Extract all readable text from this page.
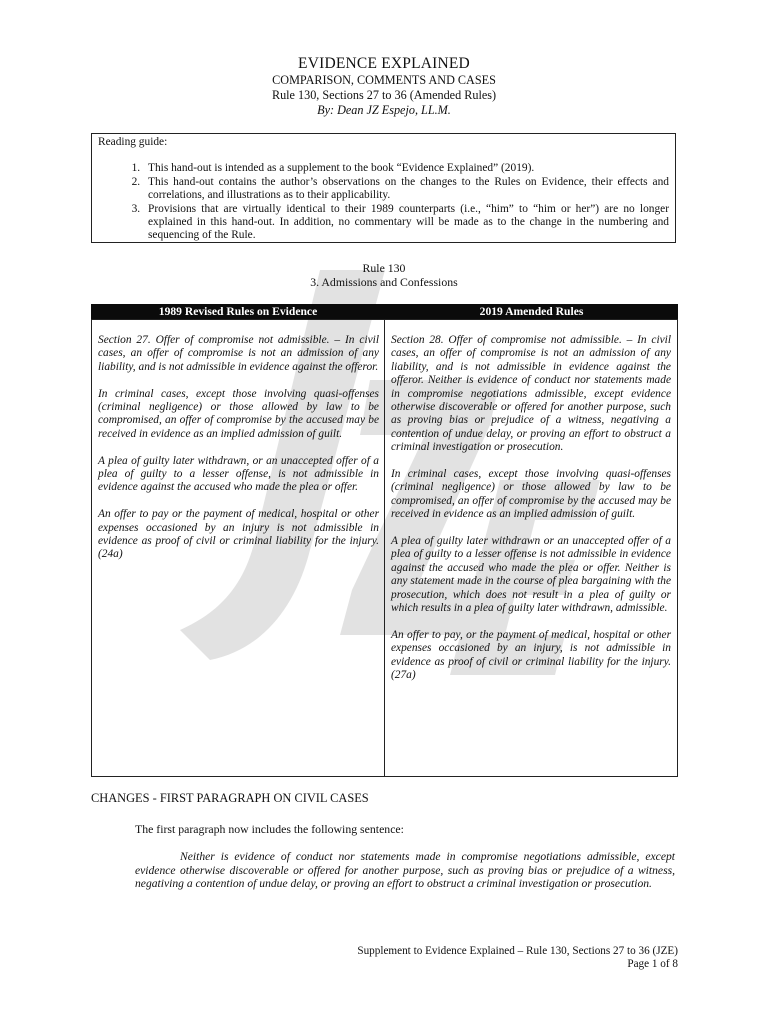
EVIDENCE EXPLAINED
COMPARISON, COMMENTS AND CASES
Rule 130, Sections 27 to 36 (Amended Rules)
By: Dean JZ Espejo, LL.M.
Reading guide:
1. This hand-out is intended as a supplement to the book “Evidence Explained” (2019).
2. This hand-out contains the author’s observations on the changes to the Rules on Evidence, their effects and correlations, and illustrations as to their applicability.
3. Provisions that are virtually identical to their 1989 counterparts (i.e., “him” to “him or her”) are no longer explained in this hand-out. In addition, no commentary will be made as to the change in the numbering and sequencing of the Rule.
Rule 130
3. Admissions and Confessions
1989 Revised Rules on Evidence	2019 Amended Rules

Section 27. Offer of compromise not admissible. – In civil cases, an offer of compromise is not an admission of any liability, and is not admissible in evidence against the offeror.

In criminal cases, except those involving quasi-offenses (criminal negligence) or those allowed by law to be compromised, an offer of compromise by the accused may be received in evidence as an implied admission of guilt.

A plea of guilty later withdrawn, or an unaccepted offer of a plea of guilty to a lesser offense, is not admissible in evidence against the accused who made the plea or offer.

An offer to pay or the payment of medical, hospital or other expenses occasioned by an injury is not admissible in evidence as proof of civil or criminal liability for the injury. (24a)

Section 28. Offer of compromise not admissible. – In civil cases, an offer of compromise is not an admission of any liability, and is not admissible in evidence against the offeror. Neither is evidence of conduct nor statements made in compromise negotiations admissible, except evidence otherwise discoverable or offered for another purpose, such as proving bias or prejudice of a witness, negativing a contention of undue delay, or proving an effort to obstruct a criminal investigation or prosecution.

In criminal cases, except those involving quasi-offenses (criminal negligence) or those allowed by law to be compromised, an offer of compromise by the accused may be received in evidence as an implied admission of guilt.

A plea of guilty later withdrawn or an unaccepted offer of a plea of guilty to a lesser offense is not admissible in evidence against the accused who made the plea or offer. Neither is any statement made in the course of plea bargaining with the prosecution, which does not result in a plea of guilty or which results in a plea of guilty later withdrawn, admissible.

An offer to pay, or the payment of medical, hospital or other expenses occasioned by an injury, is not admissible in evidence as proof of civil or criminal liability for the injury. (27a)

CHANGES - FIRST PARAGRAPH ON CIVIL CASES
The first paragraph now includes the following sentence:
Neither is evidence of conduct nor statements made in compromise negotiations admissible, except evidence otherwise discoverable or offered for another purpose, such as proving bias or prejudice of a witness, negativing a contention of undue delay, or proving an effort to obstruct a criminal investigation or prosecution.
Supplement to Evidence Explained – Rule 130, Sections 27 to 36 (JZE)
Page 1 of 8
